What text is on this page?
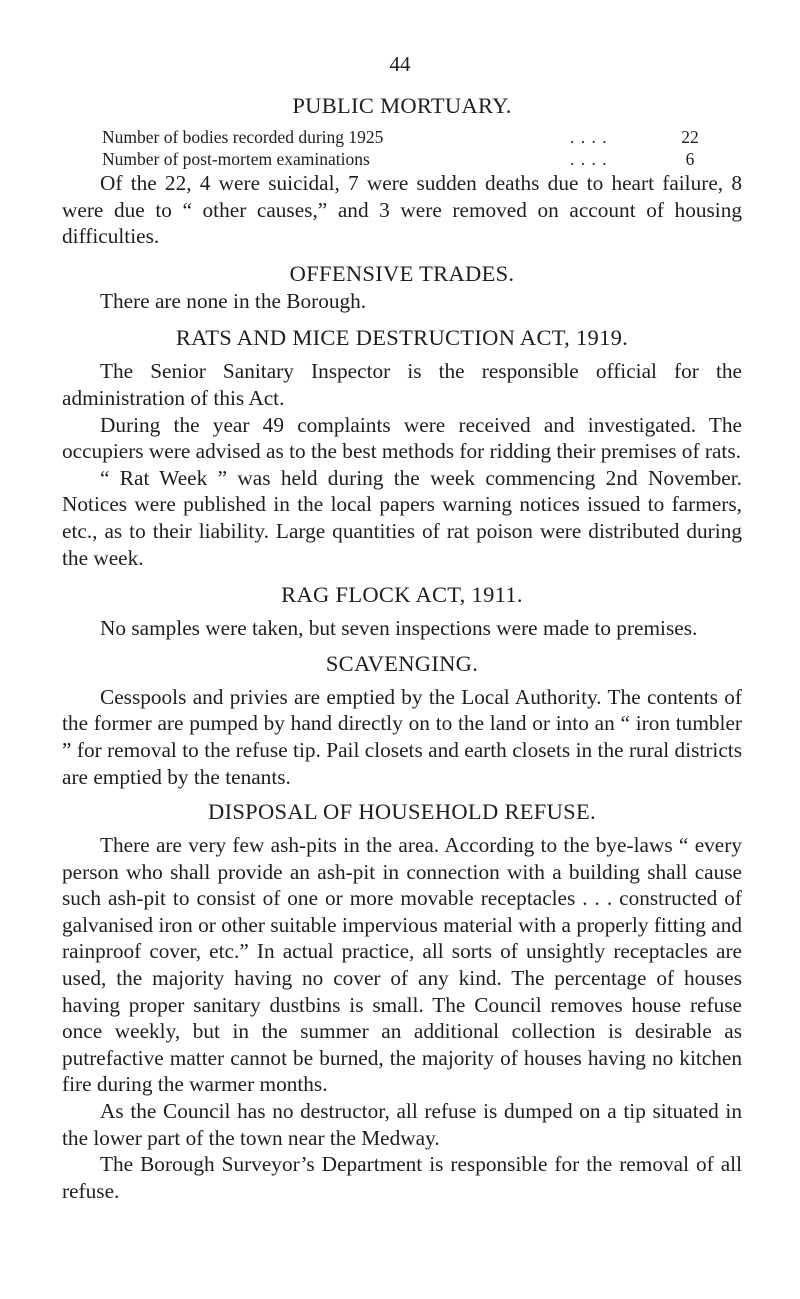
44
PUBLIC MORTUARY.
Number of bodies recorded during 1925	. . . .	22
Number of post-mortem examinations	. . . .	6

Of the 22, 4 were suicidal, 7 were sudden deaths due to heart failure, 8 were due to “ other causes,” and 3 were removed on account of housing difficulties.

OFFENSIVE TRADES.

There are none in the Borough.

RATS AND MICE DESTRUCTION ACT, 1919.

The Senior Sanitary Inspector is the responsible official for the administration of this Act.

During the year 49 complaints were received and investigated. The occupiers were advised as to the best methods for ridding their premises of rats.

“ Rat Week ” was held during the week commencing 2nd November. Notices were published in the local papers warning notices issued to farmers, etc., as to their liability. Large quantities of rat poison were distributed during the week.

RAG FLOCK ACT, 1911.

No samples were taken, but seven inspections were made to premises.

SCAVENGING.

Cesspools and privies are emptied by the Local Authority. The contents of the former are pumped by hand directly on to the land or into an “ iron tumbler ” for removal to the refuse tip. Pail closets and earth closets in the rural districts are emptied by the tenants.

DISPOSAL OF HOUSEHOLD REFUSE.

There are very few ash-pits in the area. According to the bye-laws “ every person who shall provide an ash-pit in connection with a building shall cause such ash-pit to consist of one or more movable receptacles . . . constructed of galvanised iron or other suitable impervious material with a properly fitting and rainproof cover, etc.” In actual practice, all sorts of unsightly receptacles are used, the majority having no cover of any kind. The percentage of houses having proper sanitary dustbins is small. The Council removes house refuse once weekly, but in the summer an additional collection is desirable as putrefactive matter cannot be burned, the majority of houses having no kitchen fire during the warmer months.

As the Council has no destructor, all refuse is dumped on a tip situated in the lower part of the town near the Medway.

The Borough Surveyor’s Department is responsible for the removal of all refuse.
